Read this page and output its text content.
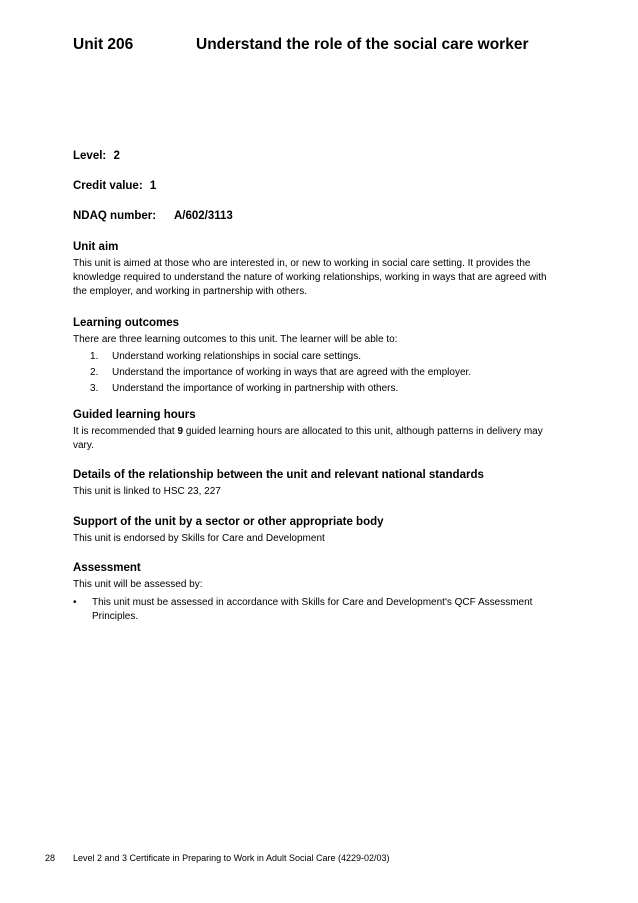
Unit 206	Understand the role of the social care worker
Level: 2
Credit value: 1
NDAQ number: A/602/3113

Unit aim

This unit is aimed at those who are interested in, or new to working in social care setting. It provides the knowledge required to understand the nature of working relationships, working in ways that are agreed with the employer, and working in partnership with others.

Learning outcomes

There are three learning outcomes to this unit. The learner will be able to:

1. Understand working relationships in social care settings.
2. Understand the importance of working in ways that are agreed with the employer.
3. Understand the importance of working in partnership with others.

Guided learning hours

It is recommended that 9 guided learning hours are allocated to this unit, although patterns in delivery may vary.

Details of the relationship between the unit and relevant national standards

This unit is linked to HSC 23, 227

Support of the unit by a sector or other appropriate body

This unit is endorsed by Skills for Care and Development

Assessment

This unit will be assessed by:

• This unit must be assessed in accordance with Skills for Care and Development's QCF Assessment Principles.
28 Level 2 and 3 Certificate in Preparing to Work in Adult Social Care (4229-02/03)
